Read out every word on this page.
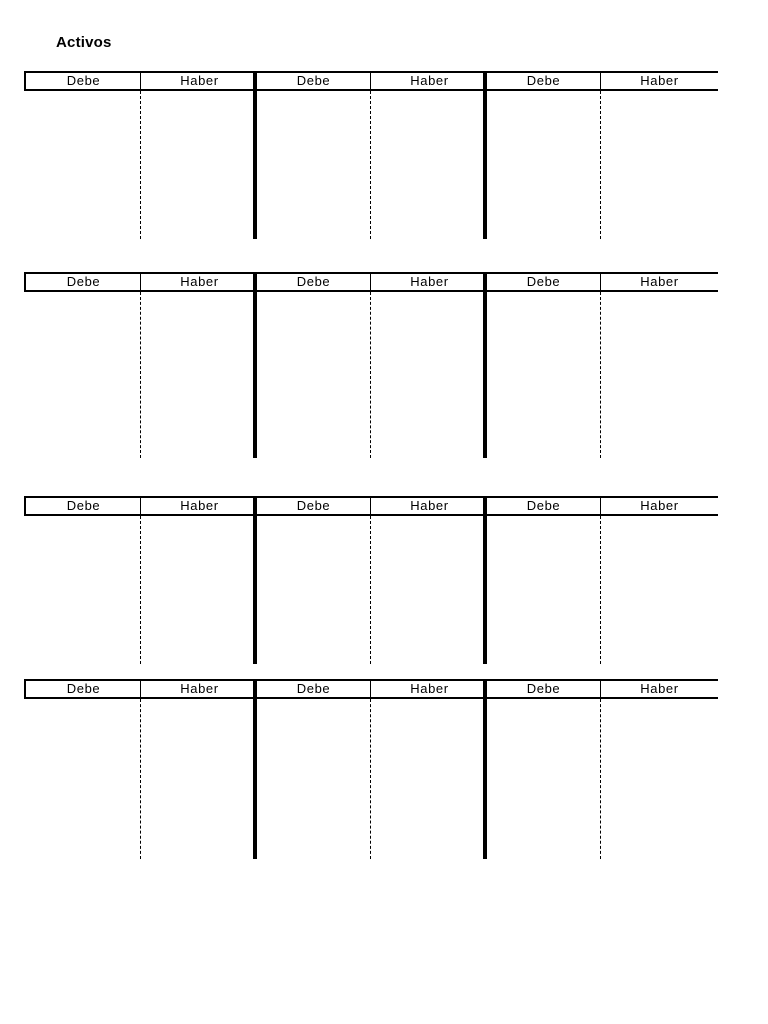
Activos
Debe	Haber	Debe	Haber	Debe	Haber
Debe	Haber	Debe	Haber	Debe	Haber
Debe	Haber	Debe	Haber	Debe	Haber
Debe	Haber	Debe	Haber	Debe	Haber
